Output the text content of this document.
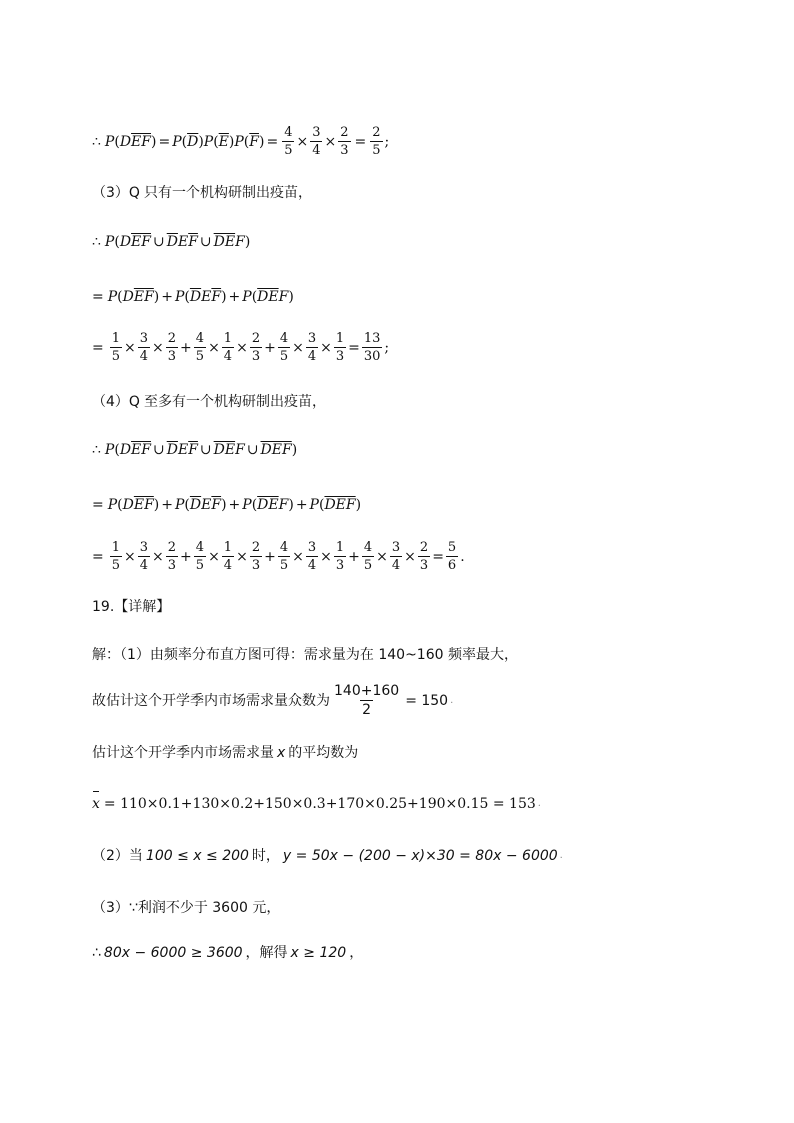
∴ P ( D $\overline{EF}$ ) = P ( $\overline{D}$ ) P ( $\overline{E}$ ) P ( $\overline{F}$ ) = $\frac{4}{5}$ ×
3
4
× $\frac{2}{3} = \frac{2}{5}$ ;
（3） Q 只有一个机构研制出疫苗，
∴ P ( D $\overline{EF}$ ∪ $\overline{D}$ E $\overline{F}$ ∪ $\overline{DE}$ F )
= P ( D $\overline{EF}$ ) + P ( $\overline{D}$ E $\overline{F}$ ) + P ( $\overline{DE}$ F )
=
1
5
×
3
4
×
2
3
+
4
5
×
1
4
×
2
3
+
4
5
×
3
4
×
1
3
=
13
30
;
（4） Q 至多有一个机构研制出疫苗，
∴ P ( D $\overline{EF}$ ∪ $\overline{D}$ E $\overline{F}$ ∪ $\overline{DE}$ F ∪ $\overline{DEF}$ )
= P ( D $\overline{EF}$ ) + P ( $\overline{D}$ E $\overline{F}$ ) + P ( $\overline{DE}$ F ) + P ( $\overline{DEF}$ )
=
1
5
×
3
4
×
2
3
+
4
5
×
1
4
×
2
3
+
4
5
×
3
4
×
1
3
+
4
5
×
3
4
×
2
3
=
5
6
.
19.【详解】
解：（1）由频率分布直方图可得：需求量为在 140~160 频率最大，
故估计这个开学季内市场需求量众数为 $\frac{140+160}{2} = 150$ .
估计这个开学季内市场需求量 x 的平均数为
x = 110×0.1+130×0.2+150×0.3+170×0.25+190×0.15 = 153 .
（2）当 100 ≤ x ≤ 200 时， y = 50x − (200 − x)×30 = 80x − 6000 .
（3）∵利润不少于 3600 元，
∴ 80x − 6000 ≥ 3600 ，解得 x ≥ 120 ，
